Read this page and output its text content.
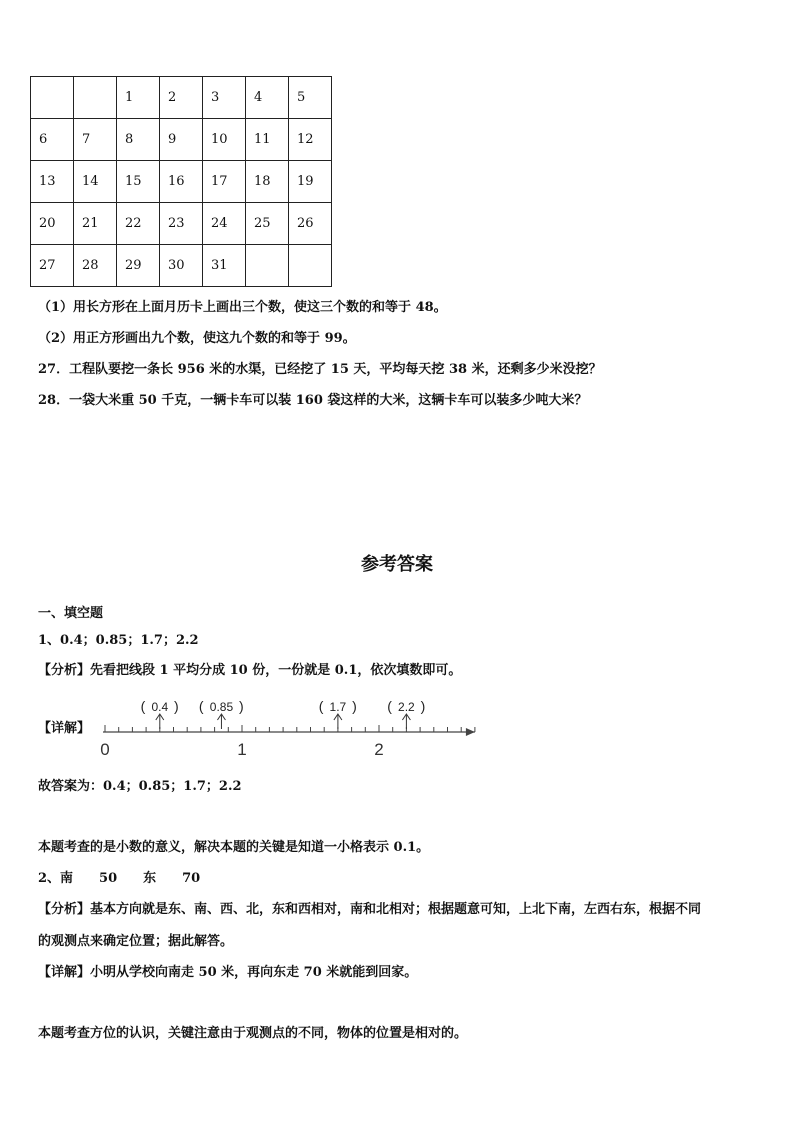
		1	2	3	4	5
6	7	8	9	10	11	12
13	14	15	16	17	18	19
20	21	22	23	24	25	26
27	28	29	30	31		
（1）用长方形在上面月历卡上画出三个数，使这三个数的和等于 48。
（2）用正方形画出九个数，使这九个数的和等于 99。
27．工程队要挖一条长 956 米的水渠，已经挖了 15 天，平均每天挖 38 米，还剩多少米没挖？
28．一袋大米重 50 千克，一辆卡车可以装 160 袋这样的大米，这辆卡车可以装多少吨大米？
参考答案
一、填空题
1、0.4；0.85；1.7；2.2
【分析】先看把线段 1 平均分成 10 份，一份就是 0.1，依次填数即可。
【详解】
0	1	2
0.4
( )	0.85
(	)	1.7
( )	2.2
( )
故答案为：0.4；0.85；1.7；2.2
本题考查的是小数的意义，解决本题的关键是知道一小格表示 0.1。
2、南　　50　　东　　70
【分析】基本方向就是东、南、西、北，东和西相对，南和北相对；根据题意可知，上北下南，左西右东，根据不同
的观测点来确定位置；据此解答。
【详解】小明从学校向南走 50 米，再向东走 70 米就能到回家。
本题考查方位的认识，关键注意由于观测点的不同，物体的位置是相对的。
